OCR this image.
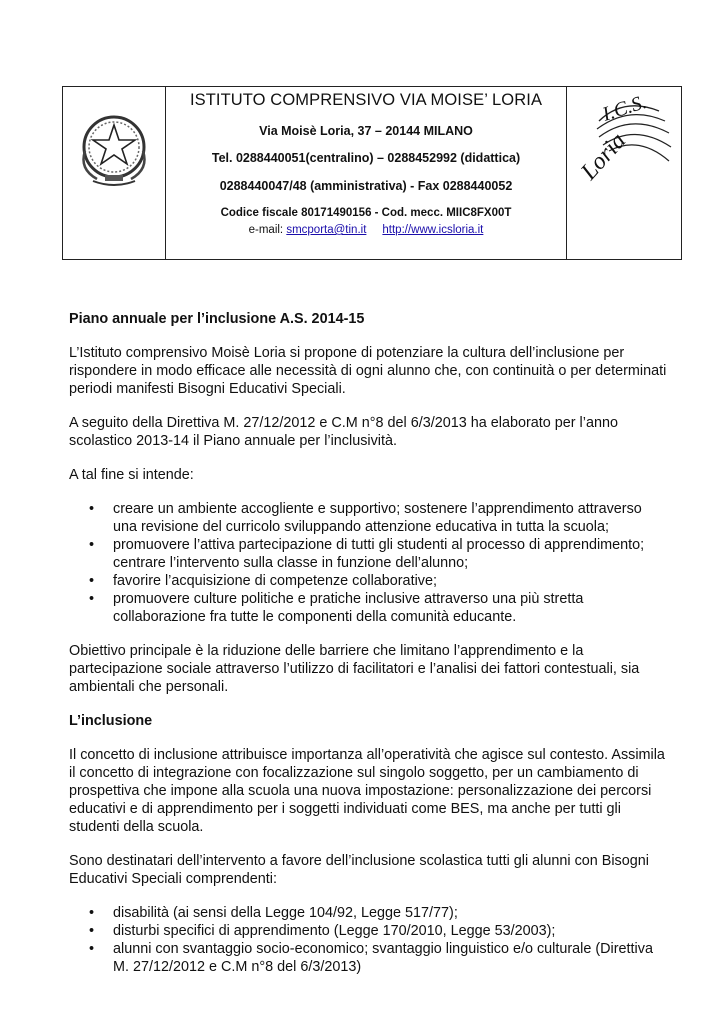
ISTITUTO COMPRENSIVO VIA MOISE’ LORIA
Via Moisè Loria, 37 – 20144 MILANO
Tel. 0288440051(centralino) – 0288452992 (didattica)
0288440047/48 (amministrativa) - Fax 0288440052
Codice fiscale 80171490156 - Cod. mecc. MIIC8FX00T
e-mail: smcporta@tin.it http://www.icsloria.it
I.C.S.
Loria

Piano annuale per l’inclusione A.S. 2014-15

L’Istituto comprensivo Moisè Loria si propone di potenziare la cultura dell’inclusione per rispondere in modo efficace alle necessità di ogni alunno che, con continuità o per determinati periodi manifesti Bisogni Educativi Speciali.

A seguito della Direttiva M. 27/12/2012 e C.M n°8 del 6/3/2013 ha elaborato per l’anno scolastico 2013-14 il Piano annuale per l’inclusività.

A tal fine si intende:

• creare un ambiente accogliente e supportivo; sostenere l’apprendimento attraverso una revisione del curricolo sviluppando attenzione educativa in tutta la scuola;
• promuovere l’attiva partecipazione di tutti gli studenti al processo di apprendimento; centrare l’intervento sulla classe in funzione dell’alunno;
• favorire l’acquisizione di competenze collaborative;
• promuovere culture politiche e pratiche inclusive attraverso una più stretta collaborazione fra tutte le componenti della comunità educante.

Obiettivo principale è la riduzione delle barriere che limitano l’apprendimento e la partecipazione sociale attraverso l’utilizzo di facilitatori e l’analisi dei fattori contestuali, sia ambientali che personali.

L’inclusione

Il concetto di inclusione attribuisce importanza all’operatività che agisce sul contesto. Assimila il concetto di integrazione con focalizzazione sul singolo soggetto, per un cambiamento di prospettiva che impone alla scuola una nuova impostazione: personalizzazione dei percorsi educativi e di apprendimento per i soggetti individuati come BES, ma anche per tutti gli studenti della scuola.

Sono destinatari dell’intervento a favore dell’inclusione scolastica tutti gli alunni con Bisogni Educativi Speciali comprendenti:

• disabilità (ai sensi della Legge 104/92, Legge 517/77);
• disturbi specifici di apprendimento (Legge 170/2010, Legge 53/2003);
• alunni con svantaggio socio-economico; svantaggio linguistico e/o culturale (Direttiva M. 27/12/2012 e C.M n°8 del 6/3/2013)
